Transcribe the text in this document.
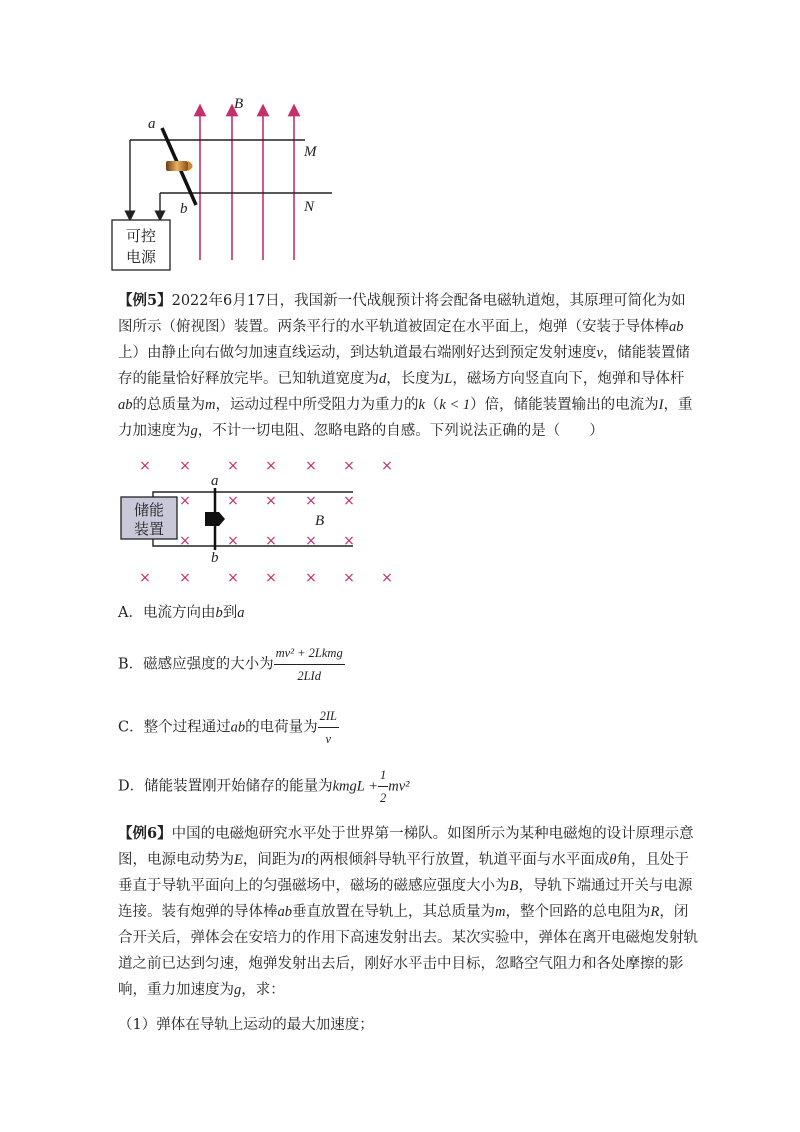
可控
电源
a
b
B
M
N
【例5】2022年6月17日，我国新一代战舰预计将会配备电磁轨道炮，其原理可简化为如图所示（俯视图）装置。两条平行的水平轨道被固定在水平面上，炮弹（安装于导体棒ab上）由静止向右做匀加速直线运动，到达轨道最右端刚好达到预定发射速度v，储能装置储存的能量恰好释放完毕。已知轨道宽度为d，长度为L，磁场方向竖直向下，炮弹和导体杆ab的总质量为m，运动过程中所受阻力为重力的k（k < 1）倍，储能装置输出的电流为I，重力加速度为g，不计一切电阻、忽略电路的自感。下列说法正确的是（　　）
× ×	× × × × ×
×	× × × ×
×	× × × ×
× ×	× × × × ×
储能
装置
a
b
B
A．电流方向由b到a
B．磁感应强度的大小为 $\frac{\text{mv² + 2Lkmg}}{\text{2LId}}$
C．整个过程通过ab的电荷量为 $\frac{2IL}{v}$
D．储能装置刚开始储存的能量为kmgL + $\frac{1}{2} mv^2$
【例6】中国的电磁炮研究水平处于世界第一梯队。如图所示为某种电磁炮的设计原理示意图，电源电动势为E，间距为l的两根倾斜导轨平行放置，轨道平面与水平面成θ角，且处于垂直于导轨平面向上的匀强磁场中，磁场的磁感应强度大小为B，导轨下端通过开关与电源连接。装有炮弹的导体棒ab垂直放置在导轨上，其总质量为m，整个回路的总电阻为R，闭合开关后，弹体会在安培力的作用下高速发射出去。某次实验中，弹体在离开电磁炮发射轨道之前已达到匀速，炮弹发射出去后，刚好水平击中目标，忽略空气阻力和各处摩擦的影响，重力加速度为g，求：
（1）弹体在导轨上运动的最大加速度；
